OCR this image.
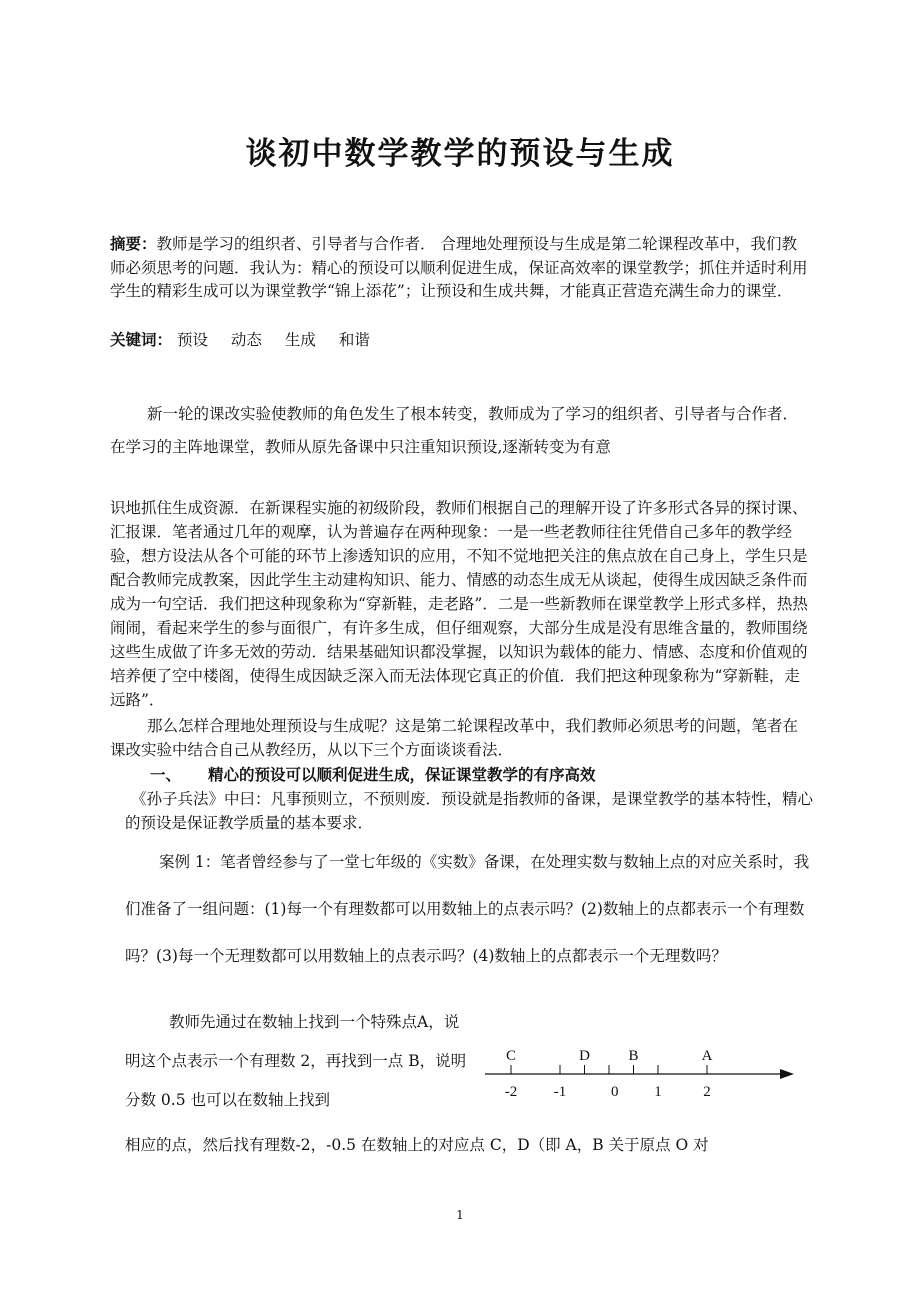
谈初中数学教学的预设与生成
摘要：教师是学习的组织者、引导者与合作者． 合理地处理预设与生成是第二轮课程改革中，我们教师必须思考的问题．我认为：精心的预设可以顺利促进生成，保证高效率的课堂教学；抓住并适时利用学生的精彩生成可以为课堂教学“锦上添花”；让预设和生成共舞，才能真正营造充满生命力的课堂．
关键词： 预设 动态 生成 和谐
新一轮的课改实验使教师的角色发生了根本转变，教师成为了学习的组织者、引导者与合作者．在学习的主阵地课堂，教师从原先备课中只注重知识预设,逐渐转变为有意
识地抓住生成资源．在新课程实施的初级阶段，教师们根据自己的理解开设了许多形式各异的探讨课、汇报课．笔者通过几年的观摩，认为普遍存在两种现象：一是一些老教师往往凭借自己多年的教学经验，想方设法从各个可能的环节上渗透知识的应用，不知不觉地把关注的焦点放在自己身上，学生只是配合教师完成教案，因此学生主动建构知识、能力、情感的动态生成无从谈起，使得生成因缺乏条件而成为一句空话．我们把这种现象称为“穿新鞋，走老路”．二是一些新教师在课堂教学上形式多样，热热闹闹，看起来学生的参与面很广，有许多生成，但仔细观察，大部分生成是没有思维含量的，教师围绕这些生成做了许多无效的劳动．结果基础知识都没掌握，以知识为载体的能力、情感、态度和价值观的培养便了空中楼阁，使得生成因缺乏深入而无法体现它真正的价值．我们把这种现象称为“穿新鞋，走远路”．
那么怎样合理地处理预设与生成呢？这是第二轮课程改革中，我们教师必须思考的问题，笔者在课改实验中结合自己从教经历，从以下三个方面谈谈看法．
一、 精心的预设可以顺利促进生成，保证课堂教学的有序高效
《孙子兵法》中曰：凡事预则立，不预则废．预设就是指教师的备课，是课堂教学的基本特性，精心的预设是保证教学质量的基本要求．
案例 1：笔者曾经参与了一堂七年级的《实数》备课，在处理实数与数轴上点的对应关系时，我们准备了一组问题：(1)每一个有理数都可以用数轴上的点表示吗？(2)数轴上的点都表示一个有理数吗？(3)每一个无理数都可以用数轴上的点表示吗？(4)数轴上的点都表示一个无理数吗？
教师先通过在数轴上找到一个特殊点A，说明这个点表示一个有理数 2，再找到一点 B，说明分数 0.5 也可以在数轴上找到	-2 -1	0 1	2
C	D	B	A
相应的点，然后找有理数-2，-0.5 在数轴上的对应点 C，D（即 A，B 关于原点 O 对
1
